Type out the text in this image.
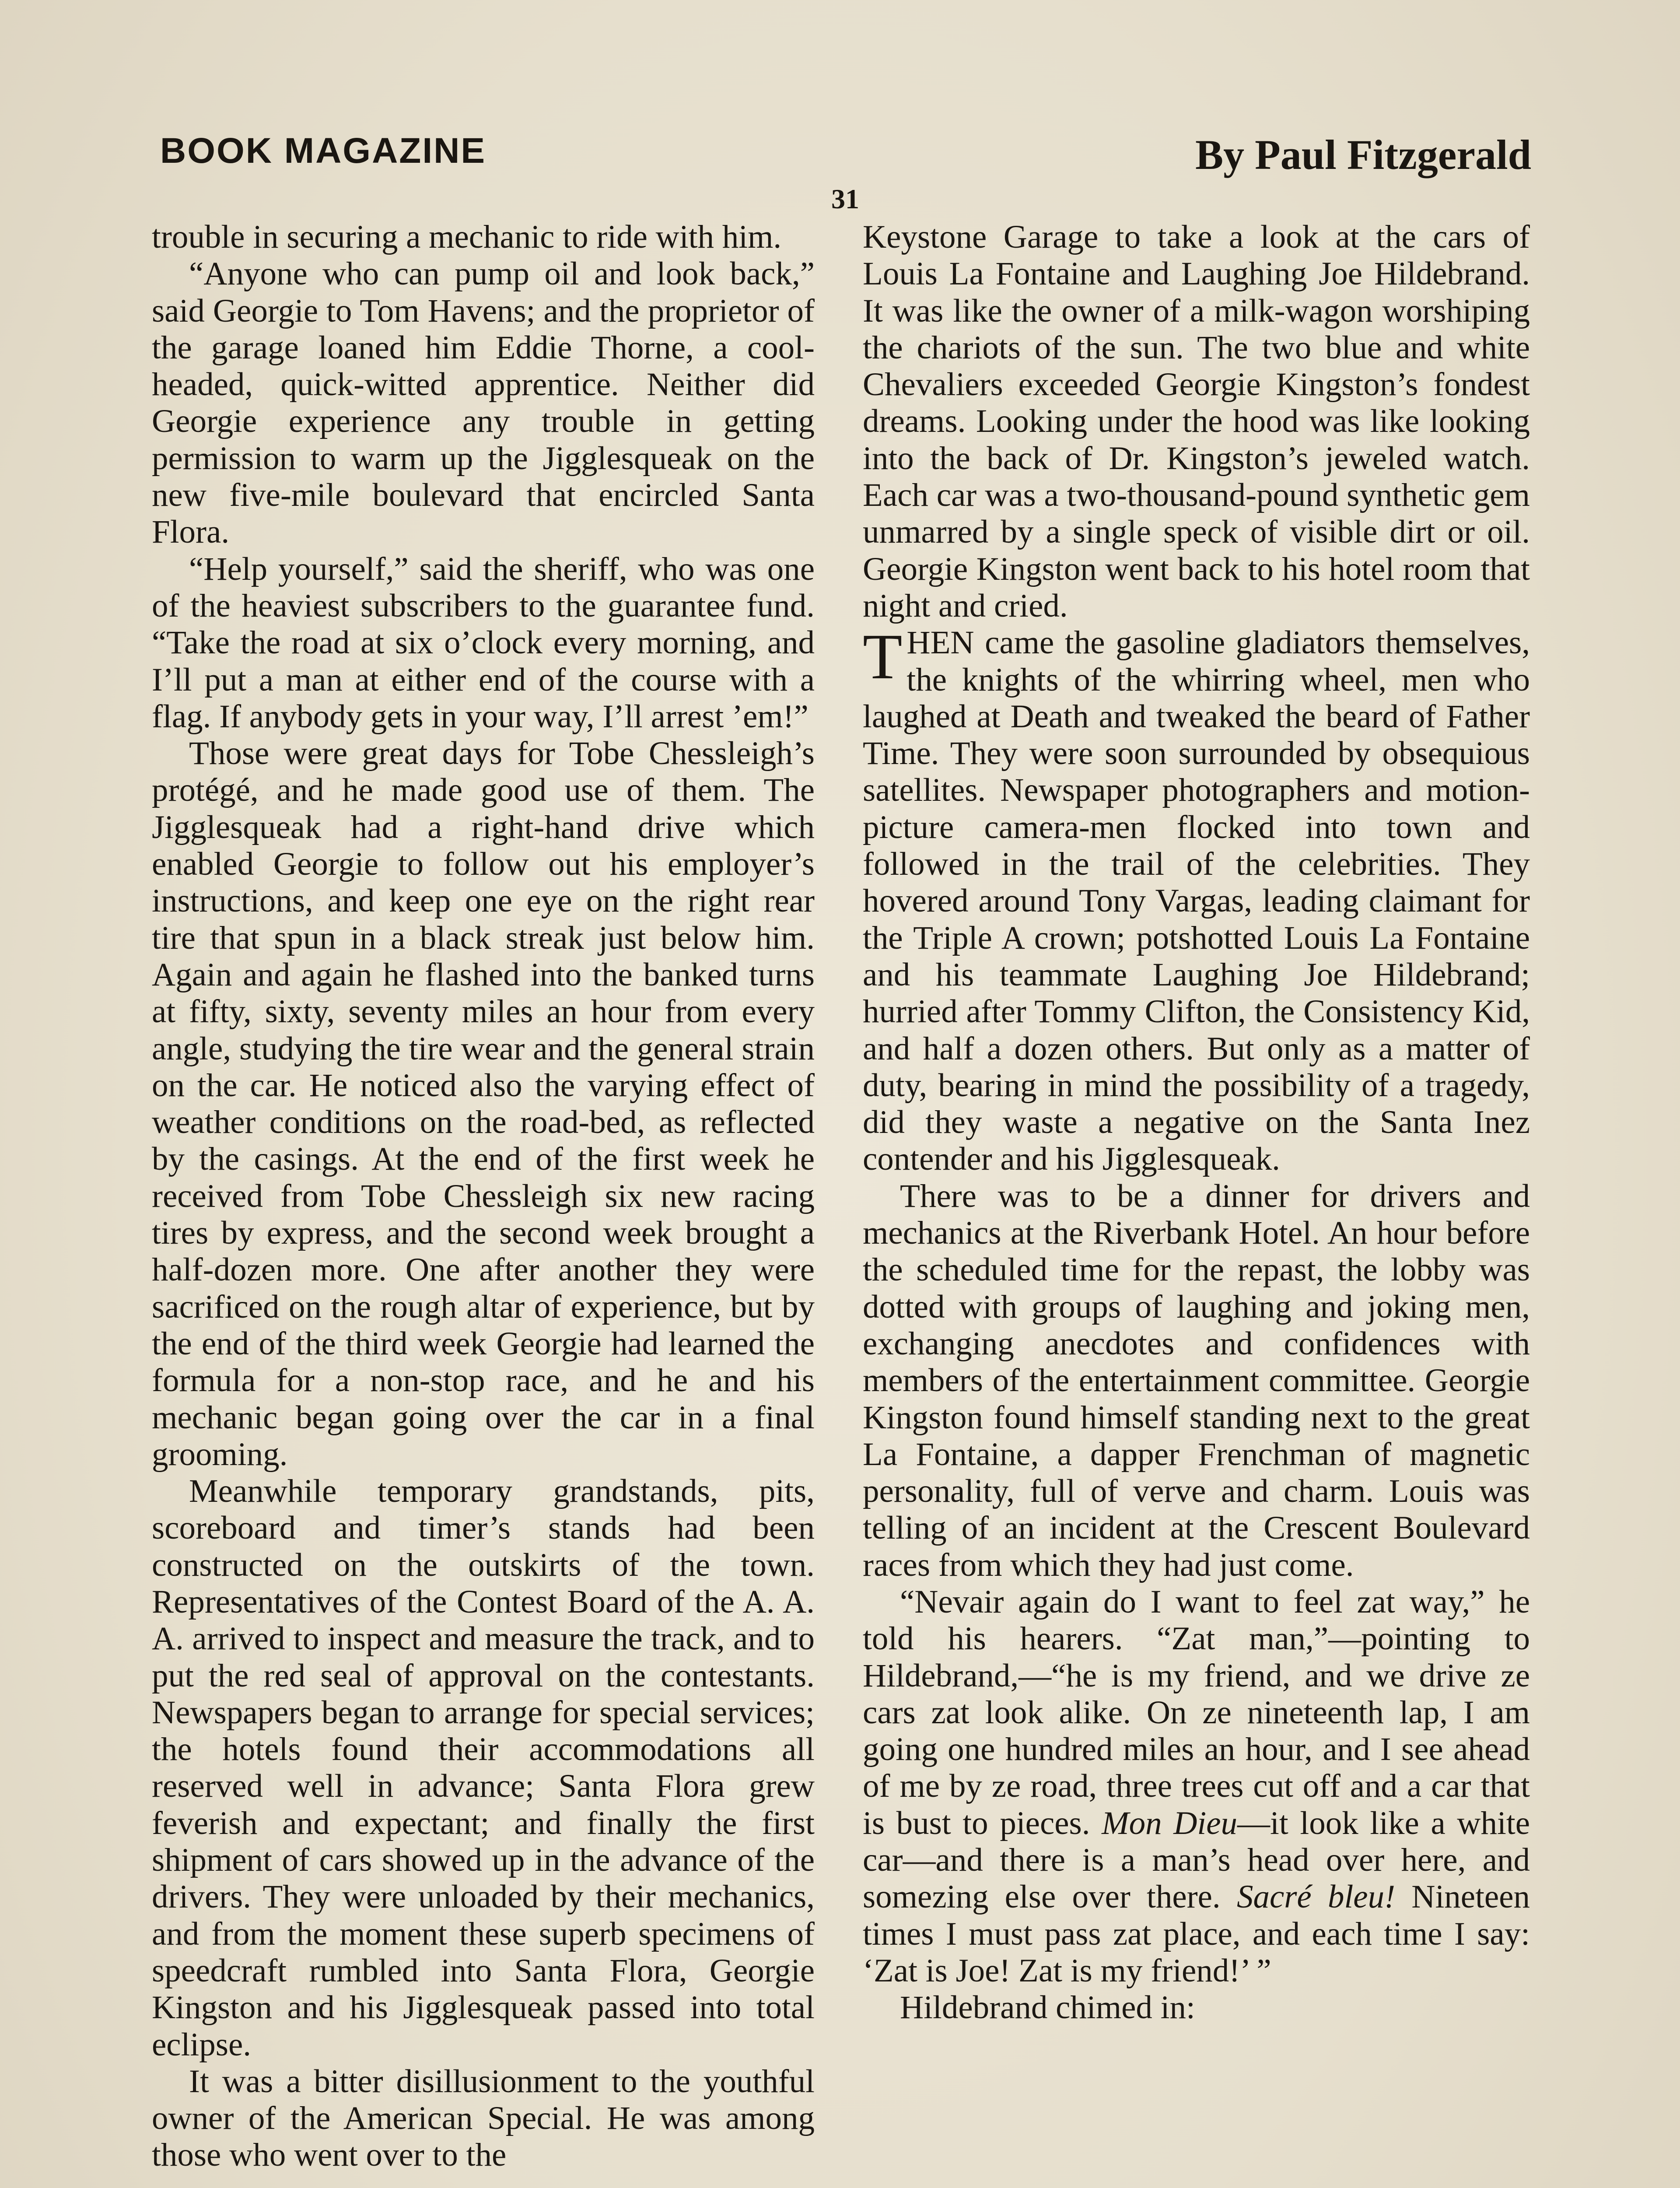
BOOK MAGAZINE	By Paul Fitzgerald
31

trouble in securing a mechanic to ride with him.

“Anyone who can pump oil and look back,” said Georgie to Tom Havens; and the proprietor of the garage loaned him Eddie Thorne, a cool-headed, quick-witted apprentice. Neither did Georgie experience any trouble in getting permission to warm up the Jigglesqueak on the new five-mile boulevard that encircled Santa Flora.

“Help yourself,” said the sheriff, who was one of the heaviest subscribers to the guarantee fund. “Take the road at six o’clock every morning, and I’ll put a man at either end of the course with a flag. If anybody gets in your way, I’ll arrest ’em!”

Those were great days for Tobe Chessleigh’s protégé, and he made good use of them. The Jigglesqueak had a right-hand drive which enabled Georgie to follow out his employer’s instructions, and keep one eye on the right rear tire that spun in a black streak just below him. Again and again he flashed into the banked turns at fifty, sixty, seventy miles an hour from every angle, studying the tire wear and the general strain on the car. He noticed also the varying effect of weather conditions on the road-bed, as reflected by the casings. At the end of the first week he received from Tobe Chessleigh six new racing tires by express, and the second week brought a half-dozen more. One after another they were sacrificed on the rough altar of experience, but by the end of the third week Georgie had learned the formula for a non-stop race, and he and his mechanic began going over the car in a final grooming.

Meanwhile temporary grandstands, pits, scoreboard and timer’s stands had been constructed on the outskirts of the town. Representatives of the Contest Board of the A. A. A. arrived to inspect and measure the track, and to put the red seal of approval on the contestants. Newspapers began to arrange for special services; the hotels found their accommodations all reserved well in advance; Santa Flora grew feverish and expectant; and finally the first shipment of cars showed up in the advance of the drivers. They were unloaded by their mechanics, and from the moment these superb specimens of speedcraft rumbled into Santa Flora, Georgie Kingston and his Jigglesqueak passed into total eclipse.

It was a bitter disillusionment to the youthful owner of the American Special. He was among those who went over to the

Keystone Garage to take a look at the cars of Louis La Fontaine and Laughing Joe Hildebrand. It was like the owner of a milk-wagon worshiping the chariots of the sun. The two blue and white Chevaliers exceeded Georgie Kingston’s fondest dreams. Looking under the hood was like looking into the back of Dr. Kingston’s jeweled watch. Each car was a two-thousand-pound synthetic gem unmarred by a single speck of visible dirt or oil. Georgie Kingston went back to his hotel room that night and cried.

THEN came the gasoline gladiators themselves, the knights of the whirring wheel, men who laughed at Death and tweaked the beard of Father Time. They were soon surrounded by obsequious satellites. Newspaper photographers and motion-picture camera-men flocked into town and followed in the trail of the celebrities. They hovered around Tony Vargas, leading claimant for the Triple A crown; potshotted Louis La Fontaine and his teammate Laughing Joe Hildebrand; hurried after Tommy Clifton, the Consistency Kid, and half a dozen others. But only as a matter of duty, bearing in mind the possibility of a tragedy, did they waste a negative on the Santa Inez contender and his Jigglesqueak.

There was to be a dinner for drivers and mechanics at the Riverbank Hotel. An hour before the scheduled time for the repast, the lobby was dotted with groups of laughing and joking men, exchanging anecdotes and confidences with members of the entertainment committee. Georgie Kingston found himself standing next to the great La Fontaine, a dapper Frenchman of magnetic personality, full of verve and charm. Louis was telling of an incident at the Crescent Boulevard races from which they had just come.

“Nevair again do I want to feel zat way,” he told his hearers. “Zat man,”—pointing to Hildebrand,—“he is my friend, and we drive ze cars zat look alike. On ze nineteenth lap, I am going one hundred miles an hour, and I see ahead of me by ze road, three trees cut off and a car that is bust to pieces. Mon Dieu—it look like a white car—and there is a man’s head over here, and somezing else over there. Sacré bleu! Nineteen times I must pass zat place, and each time I say: ‘Zat is Joe! Zat is my friend!’ ”

Hildebrand chimed in:
